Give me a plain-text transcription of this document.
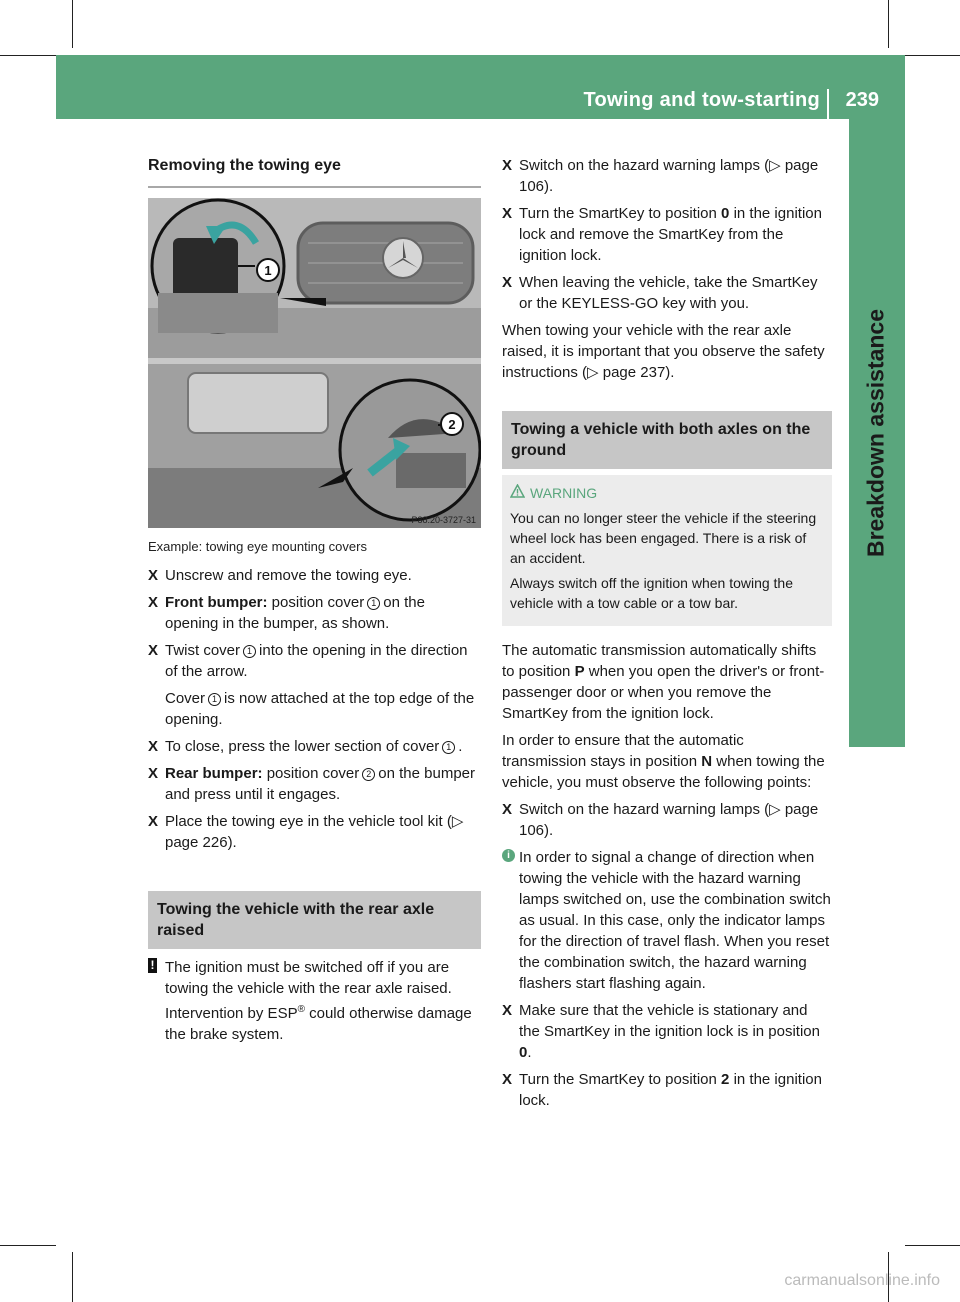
Towing and tow-starting 239
Breakdown assistance
Removing the towing eye
1
2
P88.20-3727-31
Example: towing eye mounting covers
X Unscrew and remove the towing eye.
X Front bumper: position cover 1 on the opening in the bumper, as shown.
X Twist cover 1 into the opening in the direction of the arrow.
Cover 1 is now attached at the top edge of the opening.
X To close, press the lower section of cover 1 .
X Rear bumper: position cover 2 on the bumper and press until it engages.
X Place the towing eye in the vehicle tool kit (▷ page 226).
Towing the vehicle with the rear axle raised
! The ignition must be switched off if you are towing the vehicle with the rear axle raised. Intervention by ESP® could otherwise damage the brake system.
X Switch on the hazard warning lamps (▷ page 106).
X Turn the SmartKey to position 0 in the ignition lock and remove the SmartKey from the ignition lock.
X When leaving the vehicle, take the SmartKey or the KEYLESS-GO key with you.
When towing your vehicle with the rear axle raised, it is important that you observe the safety instructions (▷ page 237).
Towing a vehicle with both axles on the ground
WARNING

You can no longer steer the vehicle if the steering wheel lock has been engaged. There is a risk of an accident.

Always switch off the ignition when towing the vehicle with a tow cable or a tow bar.

The automatic transmission automatically shifts to position P when you open the driver's or front-passenger door or when you remove the SmartKey from the ignition lock.
In order to ensure that the automatic transmission stays in position N when towing the vehicle, you must observe the following points:
X Switch on the hazard warning lamps (▷ page 106).
i In order to signal a change of direction when towing the vehicle with the hazard warning lamps switched on, use the combination switch as usual. In this case, only the indicator lamps for the direction of travel flash. When you reset the combination switch, the hazard warning flashers start flashing again.
X Make sure that the vehicle is stationary and the SmartKey in the ignition lock is in position 0.
X Turn the SmartKey to position 2 in the ignition lock.
carmanualsonline.info
